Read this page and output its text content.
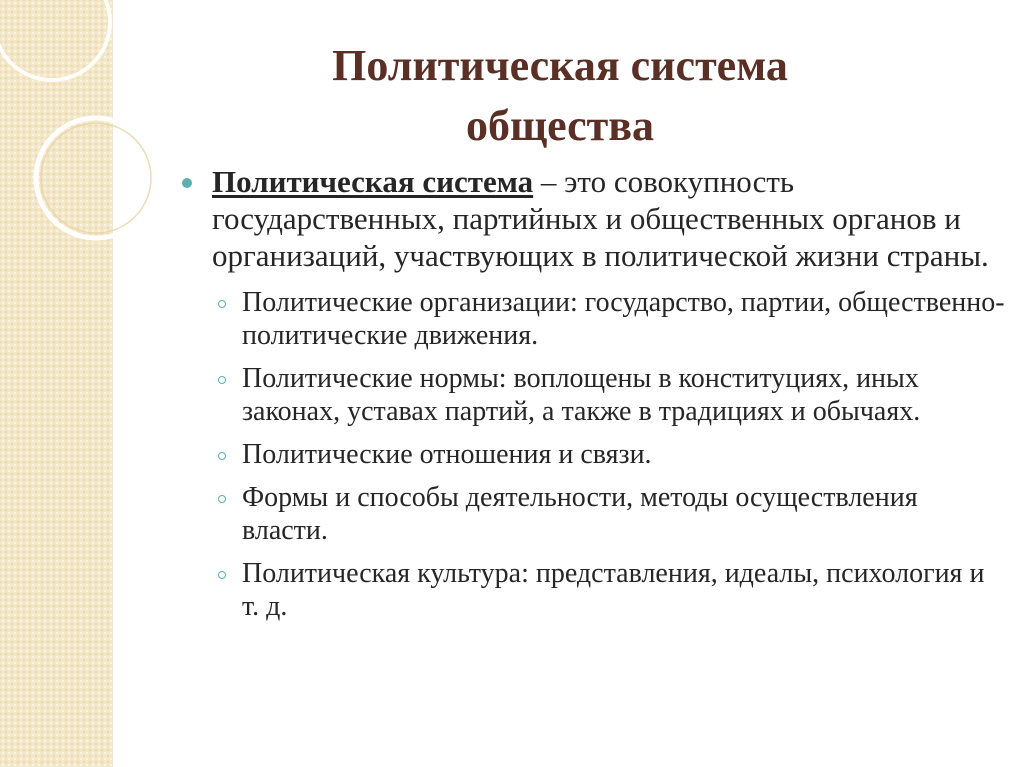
Политическая система
общества
Политическая система – это совокупность государственных, партийных и общественных органов и организаций, участвующих в политической жизни страны.
Политические организации: государство, партии, общественно-политические движения.
Политические нормы: воплощены в конституциях, иных законах, уставах партий, а также в традициях и обычаях.
Политические отношения и связи.
Формы и способы деятельности, методы осуществления власти.
Политическая культура: представления, идеалы, психология и т. д.
